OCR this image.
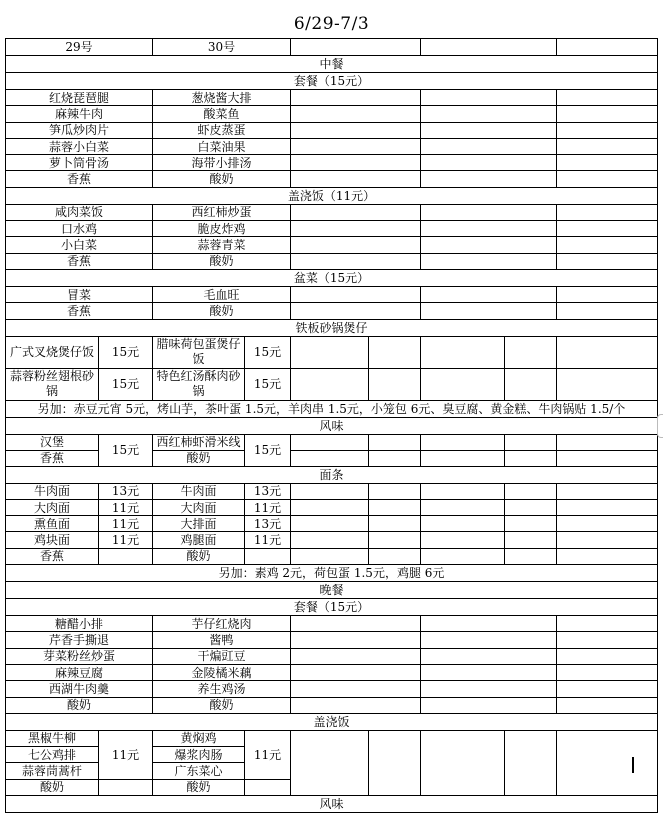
6/29-7/3
29号		30号						
中餐								
套餐（15元）								
红烧琵琶腿		葱烧酱大排						
麻辣牛肉		酸菜鱼						
笋瓜炒肉片		虾皮蒸蛋						
蒜蓉小白菜		白菜油果						
萝卜筒骨汤		海带小排汤						
香蕉		酸奶						
盖浇饭（11元）								
咸肉菜饭		西红柿炒蛋						
口水鸡		脆皮炸鸡						
小白菜		蒜蓉青菜						
香蕉		酸奶						
盆菜（15元）								
冒菜		毛血旺						
香蕉		酸奶						
铁板砂锅煲仔								
广式叉烧煲仔饭	15元	腊味荷包蛋煲仔饭	15元					
蒜蓉粉丝翅根砂锅	15元	特色红汤酥肉砂锅	15元					
另加：赤豆元宵 5元，烤山芋，茶叶蛋 1.5元，羊肉串 1.5元，小笼包 6元、臭豆腐、黄金糕、牛肉锅贴 1.5/个								
风味								
汉堡	15元	西红柿虾滑米线	15元					
香蕉		酸奶						
面条								
牛肉面	13元	牛肉面	13元					
大肉面	11元	大肉面	11元					
熏鱼面	11元	大排面	13元					
鸡块面	11元	鸡腿面	11元					
香蕉		酸奶						
另加：素鸡 2元，荷包蛋 1.5元，鸡腿 6元								
晚餐								
套餐（15元）								
糖醋小排		芋仔红烧肉						
芹香手撕退		酱鸭						
芽菜粉丝炒蛋		干煸豇豆						
麻辣豆腐		金陵橘米藕						
西湖牛肉羹		养生鸡汤						
酸奶		酸奶						
盖浇饭								
黑椒牛柳	11元	黄焖鸡	11元					
七公鸡排		爆浆肉肠						
蒜蓉茼蒿杆		广东菜心						
酸奶		酸奶						
风味								
